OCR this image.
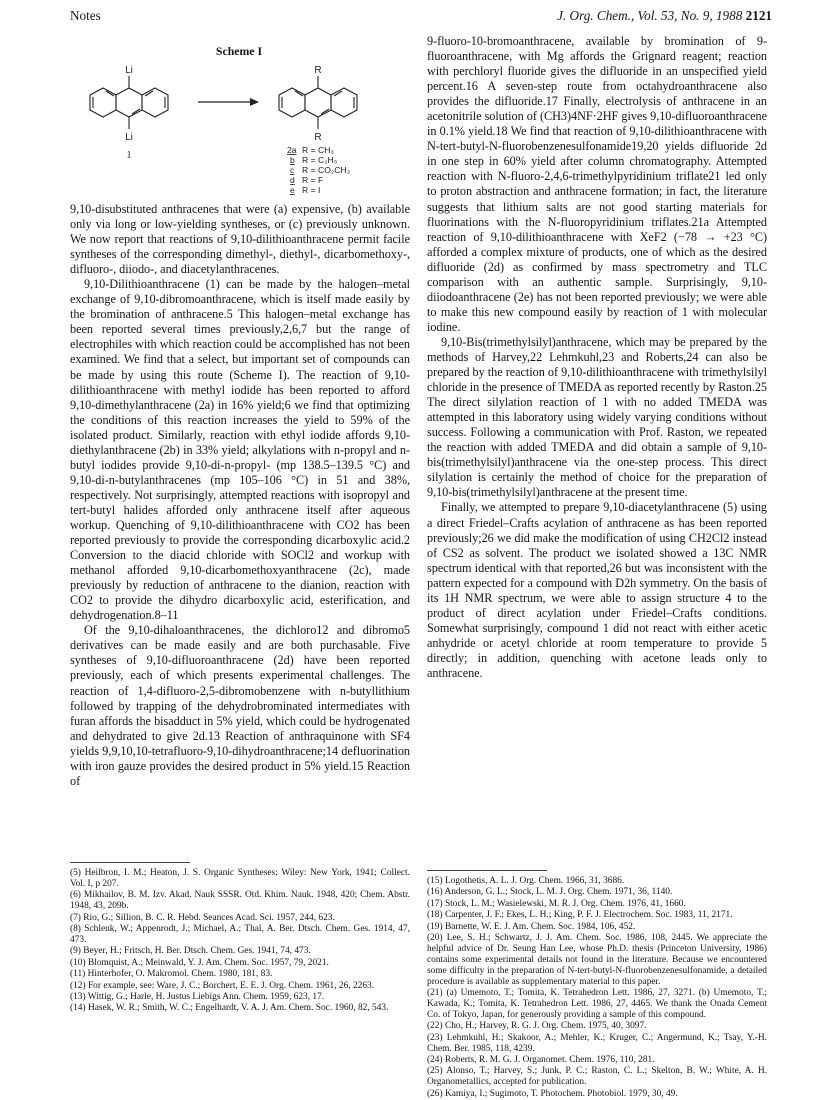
Notes	J. Org. Chem., Vol. 53, No. 9, 1988 2121
Scheme I
Li
Li
1
R
R
2a R = CH₃
b R = C₂H₅
c R = CO₂CH₃
d R = F
e R = I

9,10-disubstituted anthracenes that were (a) expensive, (b) available only via long or low-yielding syntheses, or (c) previously unknown. We now report that reactions of 9,10-dilithioanthracene permit facile syntheses of the corresponding dimethyl-, diethyl-, dicarbomethoxy-, difluoro-, diiodo-, and diacetylanthracenes.

9,10-Dilithioanthracene (1) can be made by the halogen–metal exchange of 9,10-dibromoanthracene, which is itself made easily by the bromination of anthracene.5 This halogen–metal exchange has been reported several times previously,2,6,7 but the range of electrophiles with which reaction could be accomplished has not been examined. We find that a select, but important set of compounds can be made by using this route (Scheme I). The reaction of 9,10-dilithioanthracene with methyl iodide has been reported to afford 9,10-dimethylanthracene (2a) in 16% yield;6 we find that optimizing the conditions of this reaction increases the yield to 59% of the isolated product. Similarly, reaction with ethyl iodide affords 9,10-diethylanthracene (2b) in 33% yield; alkylations with n-propyl and n-butyl iodides provide 9,10-di-n-propyl- (mp 138.5–139.5 °C) and 9,10-di-n-butylanthracenes (mp 105–106 °C) in 51 and 38%, respectively. Not surprisingly, attempted reactions with isopropyl and tert-butyl halides afforded only anthracene itself after aqueous workup. Quenching of 9,10-dilithioanthracene with CO2 has been reported previously to provide the corresponding dicarboxylic acid.2 Conversion to the diacid chloride with SOCl2 and workup with methanol afforded 9,10-dicarbomethoxyanthracene (2c), made previously by reduction of anthracene to the dianion, reaction with CO2 to provide the dihydro dicarboxylic acid, esterification, and dehydrogenation.8–11

Of the 9,10-dihaloanthracenes, the dichloro12 and dibromo5 derivatives can be made easily and are both purchasable. Five syntheses of 9,10-difluoroanthracene (2d) have been reported previously, each of which presents experimental challenges. The reaction of 1,4-difluoro-2,5-dibromobenzene with n-butyllithium followed by trapping of the dehydrobrominated intermediates with furan affords the bisadduct in 5% yield, which could be hydrogenated and dehydrated to give 2d.13 Reaction of anthraquinone with SF4 yields 9,9,10,10-tetrafluoro-9,10-dihydroanthracene;14 defluorination with iron gauze provides the desired product in 5% yield.15 Reaction of

9-fluoro-10-bromoanthracene, available by bromination of 9-fluoroanthracene, with Mg affords the Grignard reagent; reaction with perchloryl fluoride gives the difluoride in an unspecified yield percent.16 A seven-step route from octahydroanthracene also provides the difluoride.17 Finally, electrolysis of anthracene in an acetonitrile solution of (CH3)4NF·2HF gives 9,10-difluoroanthracene in 0.1% yield.18 We find that reaction of 9,10-dilithioanthracene with N-tert-butyl-N-fluorobenzenesulfonamide19,20 yields difluoride 2d in one step in 60% yield after column chromatography. Attempted reaction with N-fluoro-2,4,6-trimethylpyridinium triflate21 led only to proton abstraction and anthracene formation; in fact, the literature suggests that lithium salts are not good starting materials for fluorinations with the N-fluoropyridinium triflates.21a Attempted reaction of 9,10-dilithioanthracene with XeF2 (−78 → +23 °C) afforded a complex mixture of products, one of which as the desired difluoride (2d) as confirmed by mass spectrometry and TLC comparison with an authentic sample. Surprisingly, 9,10-diiodoanthracene (2e) has not been reported previously; we were able to make this new compound easily by reaction of 1 with molecular iodine.

9,10-Bis(trimethylsilyl)anthracene, which may be prepared by the methods of Harvey,22 Lehmkuhl,23 and Roberts,24 can also be prepared by the reaction of 9,10-dilithioanthracene with trimethylsilyl chloride in the presence of TMEDA as reported recently by Raston.25 The direct silylation reaction of 1 with no added TMEDA was attempted in this laboratory using widely varying conditions without success. Following a communication with Prof. Raston, we repeated the reaction with added TMEDA and did obtain a sample of 9,10-bis(trimethylsilyl)anthracene via the one-step process. This direct silylation is certainly the method of choice for the preparation of 9,10-bis(trimethylsilyl)anthracene at the present time.

Finally, we attempted to prepare 9,10-diacetylanthracene (5) using a direct Friedel–Crafts acylation of anthracene as has been reported previously;26 we did make the modification of using CH2Cl2 instead of CS2 as solvent. The product we isolated showed a 13C NMR spectrum identical with that reported,26 but was inconsistent with the pattern expected for a compound with D2h symmetry. On the basis of its 1H NMR spectrum, we were able to assign structure 4 to the product of direct acylation under Friedel–Crafts conditions. Somewhat surprisingly, compound 1 did not react with either acetic anhydride or acetyl chloride at room temperature to provide 5 directly; in addition, quenching with acetone leads only to anthracene.

(5) Heilbron, I. M.; Heaton, J. S. Organic Syntheses; Wiley: New York, 1941; Collect. Vol. I, p 207.
(6) Mikhailov, B. M. Izv. Akad. Nauk SSSR. Otd. Khim. Nauk. 1948, 420; Chem. Abstr. 1948, 43, 209b.
(7) Rio, G.; Sillion, B. C. R. Hebd. Seances Acad. Sci. 1957, 244, 623.
(8) Schlenk, W.; Appenrodt, J.; Michael, A.; Thal, A. Ber. Dtsch. Chem. Ges. 1914, 47, 473.
(9) Beyer, H.; Fritsch, H. Ber. Dtsch. Chem. Ges. 1941, 74, 473.
(10) Blomquist, A.; Meinwald, Y. J. Am. Chem. Soc. 1957, 79, 2021.
(11) Hinterhofer, O. Makromol. Chem. 1980, 181, 83.
(12) For example, see: Ware, J. C.; Borchert, E. E. J. Org. Chem. 1961, 26, 2263.
(13) Wittig, G.; Harle, H. Justus Liebigs Ann. Chem. 1959, 623, 17.
(14) Hasek, W. R.; Smith, W. C.; Engelhardt, V. A. J. Am. Chem. Soc. 1960, 82, 543.
(15) Logothetis, A. L. J. Org. Chem. 1966, 31, 3686.
(16) Anderson, G. L.; Stock, L. M. J. Org. Chem. 1971, 36, 1140.
(17) Stock, L. M.; Wasielewski, M. R. J. Org. Chem. 1976, 41, 1660.
(18) Carpenter, J. F.; Ekes, L. H.; King, P. F. J. Electrochem. Soc. 1983, 11, 2171.
(19) Barnette, W. E. J. Am. Chem. Soc. 1984, 106, 452.
(20) Lee, S. H.; Schwartz, J. J. Am. Chem. Soc. 1986, 108, 2445. We appreciate the helpful advice of Dr. Seung Han Lee, whose Ph.D. thesis (Princeton University, 1986) contains some experimental details not found in the literature. Because we encountered some difficulty in the preparation of N-tert-butyl-N-fluorobenzenesulfonamide, a detailed procedure is available as supplementary material to this paper.
(21) (a) Umemoto, T.; Tomita, K. Tetrahedron Lett. 1986, 27, 3271. (b) Umemoto, T.; Kawada, K.; Tomita, K. Tetrahedron Lett. 1986, 27, 4465. We thank the Onada Cement Co. of Tokyo, Japan, for generously providing a sample of this compound.
(22) Cho, H.; Harvey, R. G. J. Org. Chem. 1975, 40, 3097.
(23) Lehmkuhl, H.; Skakoor, A.; Mehler, K.; Kruger, C.; Angermund, K.; Tsay, Y.-H. Chem. Ber. 1985, 118, 4239.
(24) Roberts, R. M. G. J. Organomet. Chem. 1976, 110, 281.
(25) Alonso, T.; Harvey, S.; Junk, P. C.; Raston, C. L.; Skelton, B. W.; White, A. H. Organometallics, accepted for publication.
(26) Kamiya, I.; Sugimoto, T. Photochem. Photobiol. 1979, 30, 49.
